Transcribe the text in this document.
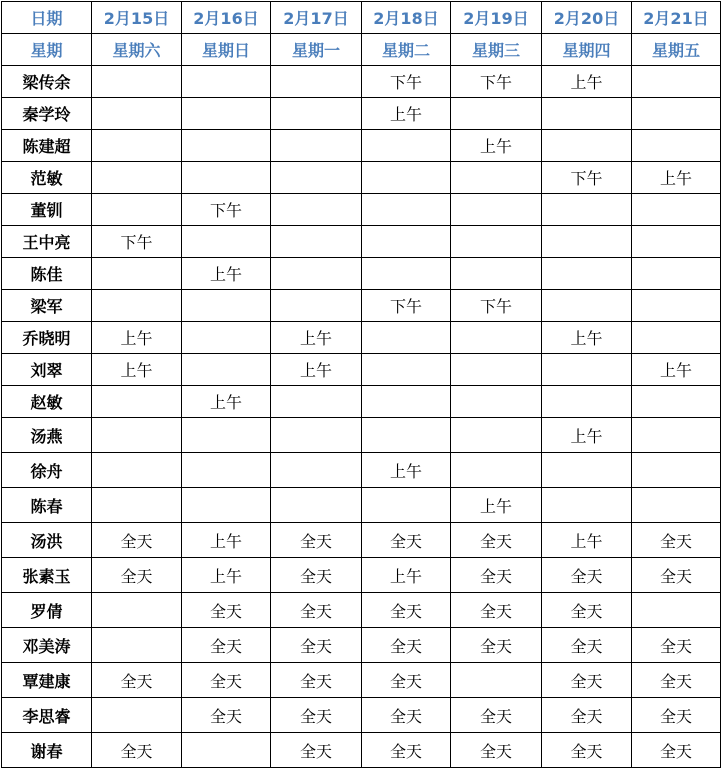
日期	2月15日	2月16日	2月17日	2月18日	2月19日	2月20日	2月21日
星期	星期六	星期日	星期一	星期二	星期三	星期四	星期五
梁传余				下午	下午	上午	
秦学玲				上午			
陈建超					上午		
范敏						下午	上午
董钏		下午					
王中亮	下午						
陈佳		上午					
梁军				下午	下午		
乔晓明	上午		上午			上午	
刘翠	上午		上午				上午
赵敏		上午					
汤燕						上午	
徐舟				上午			
陈春					上午		
汤洪	全天	上午	全天	全天	全天	上午	全天
张素玉	全天	上午	全天	上午	全天	全天	全天
罗倩		全天	全天	全天	全天	全天	
邓美涛		全天	全天	全天	全天	全天	全天
覃建康	全天	全天	全天	全天		全天	全天
李思睿		全天	全天	全天	全天	全天	全天
谢春	全天		全天	全天	全天	全天	全天
